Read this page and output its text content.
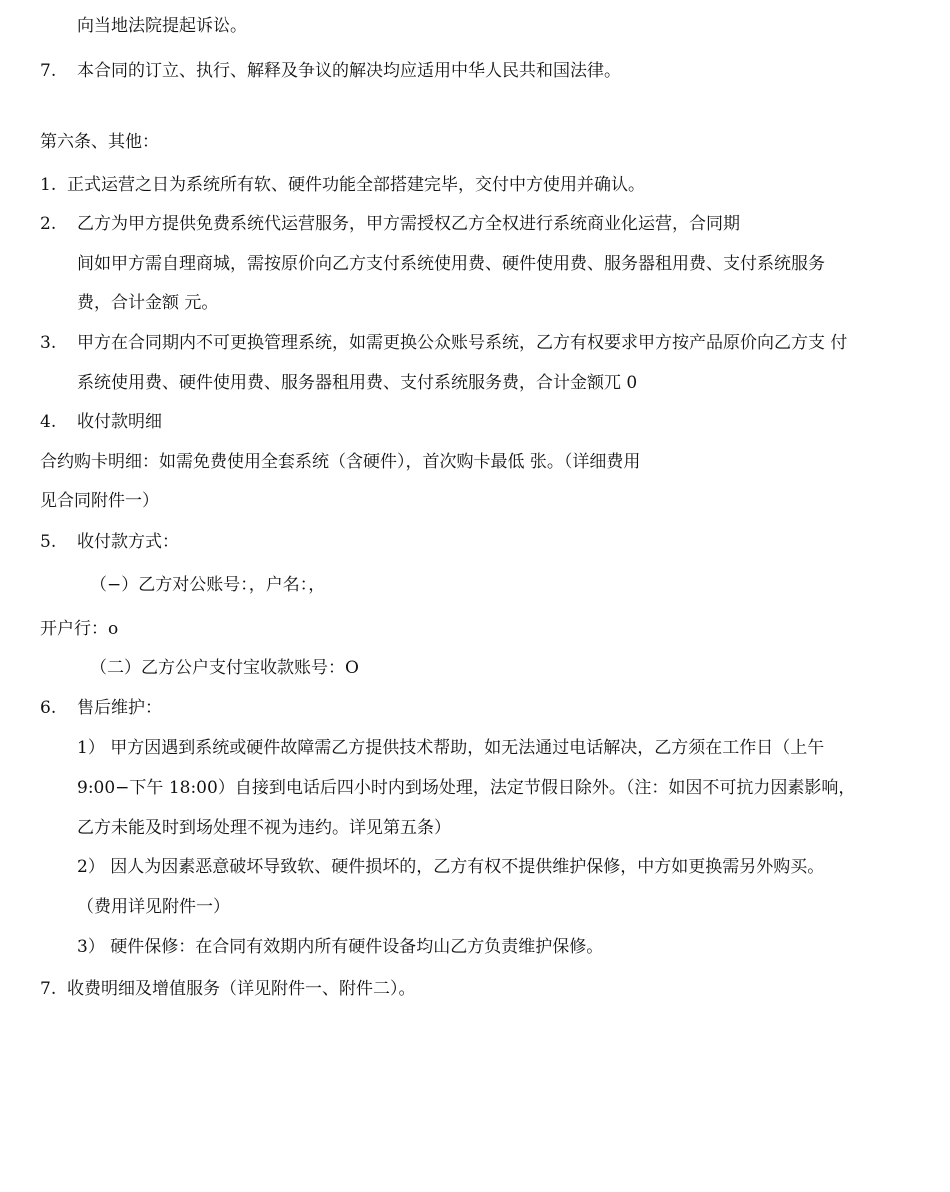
向当地法院提起诉讼。

7. 本合同的订立、执行、解释及争议的解决均应适用中华人民共和国法律。

第六条、其他：

1. 正式运营之日为系统所有软、硬件功能全部搭建完毕，交付中方使用并确认。

2. 乙方为甲方提供免费系统代运营服务，甲方需授权乙方全权进行系统商业化运营，合同期

间如甲方需自理商城，需按原价向乙方支付系统使用费、硬件使用费、服务器租用费、支付系统服务

费，合计金额 元。

3. 甲方在合同期内不可更换管理系统，如需更换公众账号系统，乙方有权要求甲方按产品原价向乙方支 付

系统使用费、硬件使用费、服务器租用费、支付系统服务费，合计金额兀 0

4. 收付款明细

合约购卡明细：如需免费使用全套系统（含硬件），首次购卡最低 张。（详细费用

见合同附件一）

5. 收付款方式：

（−）乙方对公账号：，户名：，

开户行：o

（二）乙方公户支付宝收款账号：O

6. 售后维护：

1） 甲方因遇到系统或硬件故障需乙方提供技术帮助，如无法通过电话解决，乙方须在工作日（上午

9:00−下午 18:00）自接到电话后四小时内到场处理，法定节假日除外。（注：如因不可抗力因素影响，

乙方未能及时到场处理不视为违约。详见第五条）

2） 因人为因素恶意破坏导致软、硬件损坏的，乙方有权不提供维护保修，中方如更换需另外购买。

（费用详见附件一）

3） 硬件保修：在合同有效期内所有硬件设备均山乙方负责维护保修。

7. 收费明细及增值服务（详见附件一、附件二）。
